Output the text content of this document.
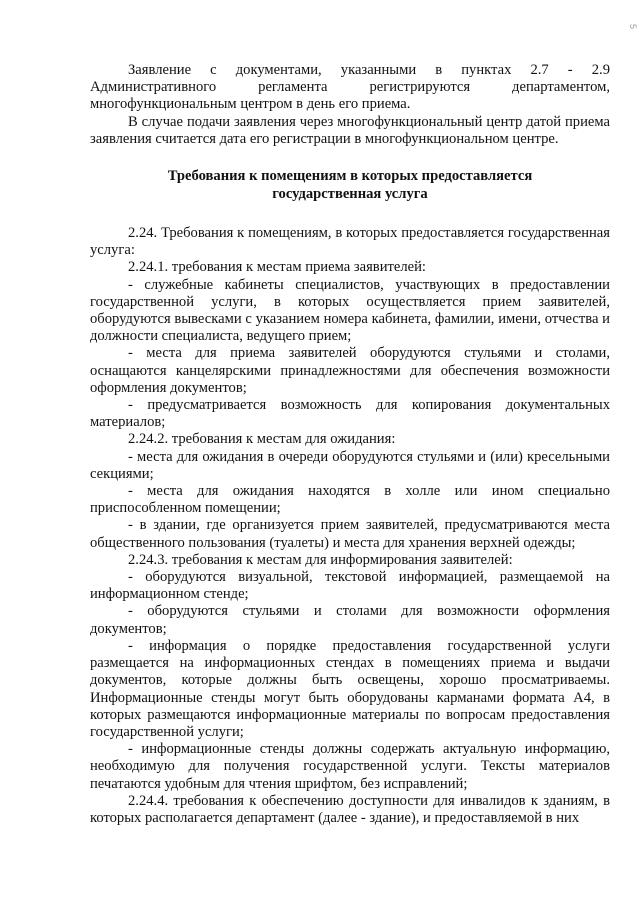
5

Заявление с документами, указанными в пунктах 2.7 - 2.9 Административного регламента регистрируются департаментом, многофункциональным центром в день его приема.

В случае подачи заявления через многофункциональный центр датой приема заявления считается дата его регистрации в многофункциональном центре.

Требования к помещениям в которых предоставляется
государственная услуга

2.24. Требования к помещениям, в которых предоставляется государственная услуга:

2.24.1. требования к местам приема заявителей:

- служебные кабинеты специалистов, участвующих в предоставлении государственной услуги, в которых осуществляется прием заявителей, оборудуются вывесками с указанием номера кабинета, фамилии, имени, отчества и должности специалиста, ведущего прием;

- места для приема заявителей оборудуются стульями и столами, оснащаются канцелярскими принадлежностями для обеспечения возможности оформления документов;

- предусматривается возможность для копирования документальных материалов;

2.24.2. требования к местам для ожидания:

- места для ожидания в очереди оборудуются стульями и (или) кресельными секциями;

- места для ожидания находятся в холле или ином специально приспособленном помещении;

- в здании, где организуется прием заявителей, предусматриваются места общественного пользования (туалеты) и места для хранения верхней одежды;

2.24.3. требования к местам для информирования заявителей:

- оборудуются визуальной, текстовой информацией, размещаемой на информационном стенде;

- оборудуются стульями и столами для возможности оформления документов;

- информация о порядке предоставления государственной услуги размещается на информационных стендах в помещениях приема и выдачи документов, которые должны быть освещены, хорошо просматриваемы. Информационные стенды могут быть оборудованы карманами формата А4, в которых размещаются информационные материалы по вопросам предоставления государственной услуги;

- информационные стенды должны содержать актуальную информацию, необходимую для получения государственной услуги. Тексты материалов печатаются удобным для чтения шрифтом, без исправлений;

2.24.4. требования к обеспечению доступности для инвалидов к зданиям, в которых располагается департамент (далее - здание), и предоставляемой в них
